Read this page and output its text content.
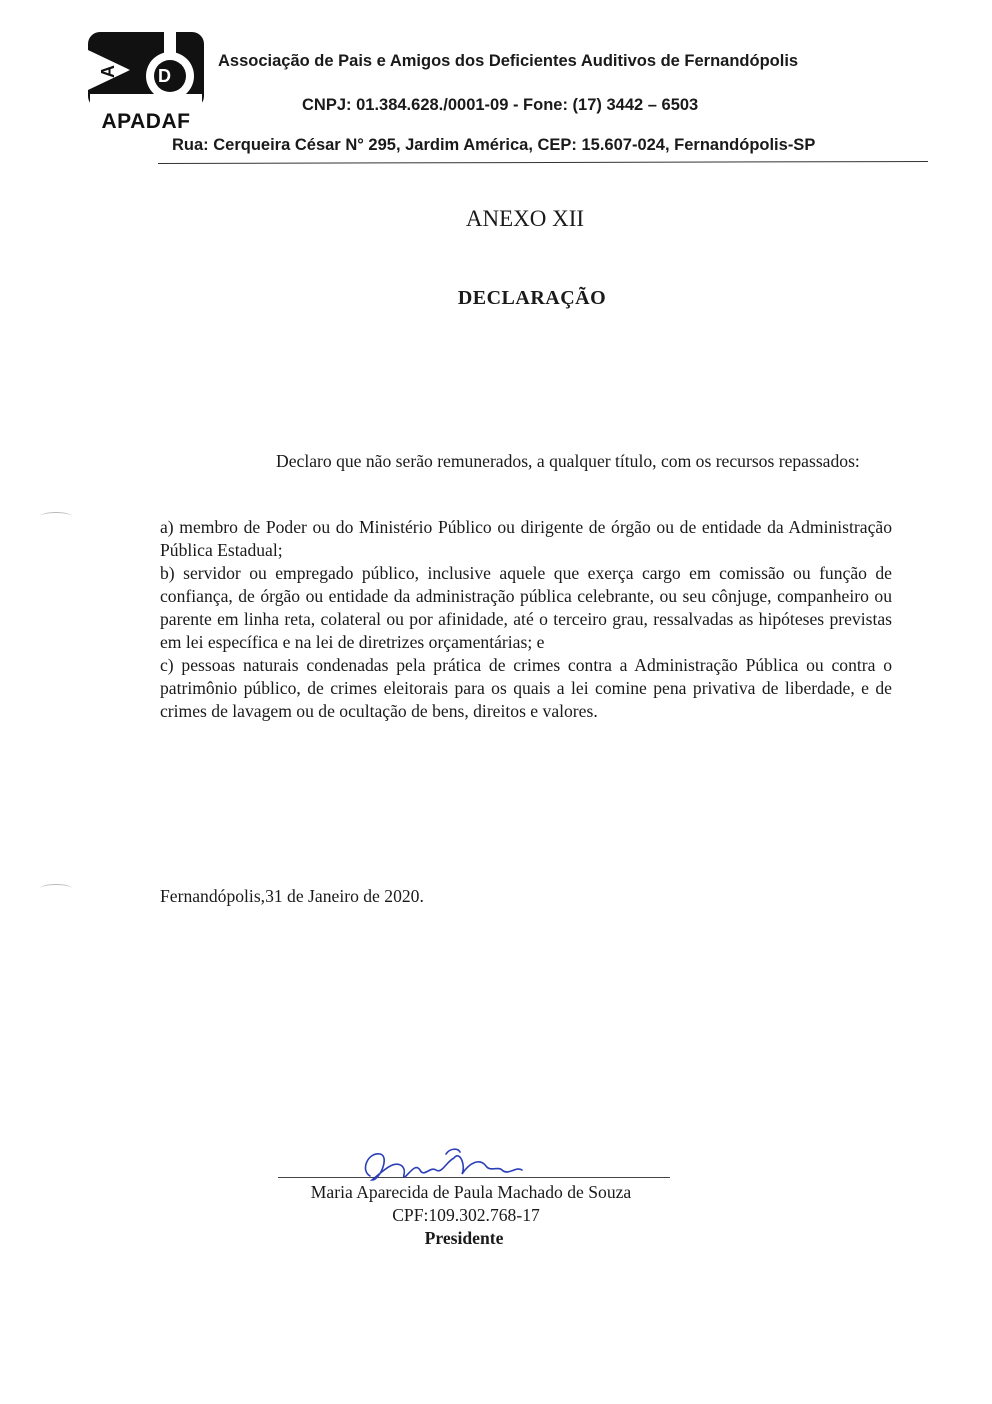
A D
APADAF
Associação de Pais e Amigos dos Deficientes Auditivos de Fernandópolis
CNPJ: 01.384.628./0001-09 - Fone: (17) 3442 – 6503
Rua: Cerqueira César N° 295, Jardim América, CEP: 15.607-024, Fernandópolis-SP
ANEXO XII
DECLARAÇÃO
Declaro que não serão remunerados, a qualquer título, com os recursos repassados:

a) membro de Poder ou do Ministério Público ou dirigente de órgão ou de entidade da Administração Pública Estadual;

b) servidor ou empregado público, inclusive aquele que exerça cargo em comissão ou função de confiança, de órgão ou entidade da administração pública celebrante, ou seu cônjuge, companheiro ou parente em linha reta, colateral ou por afinidade, até o terceiro grau, ressalvadas as hipóteses previstas em lei específica e na lei de diretrizes orçamentárias; e

c) pessoas naturais condenadas pela prática de crimes contra a Administração Pública ou contra o patrimônio público, de crimes eleitorais para os quais a lei comine pena privativa de liberdade, e de crimes de lavagem ou de ocultação de bens, direitos e valores.

Fernandópolis,31 de Janeiro de 2020.
Maria Aparecida de Paula Machado de Souza
CPF:109.302.768-17
Presidente
